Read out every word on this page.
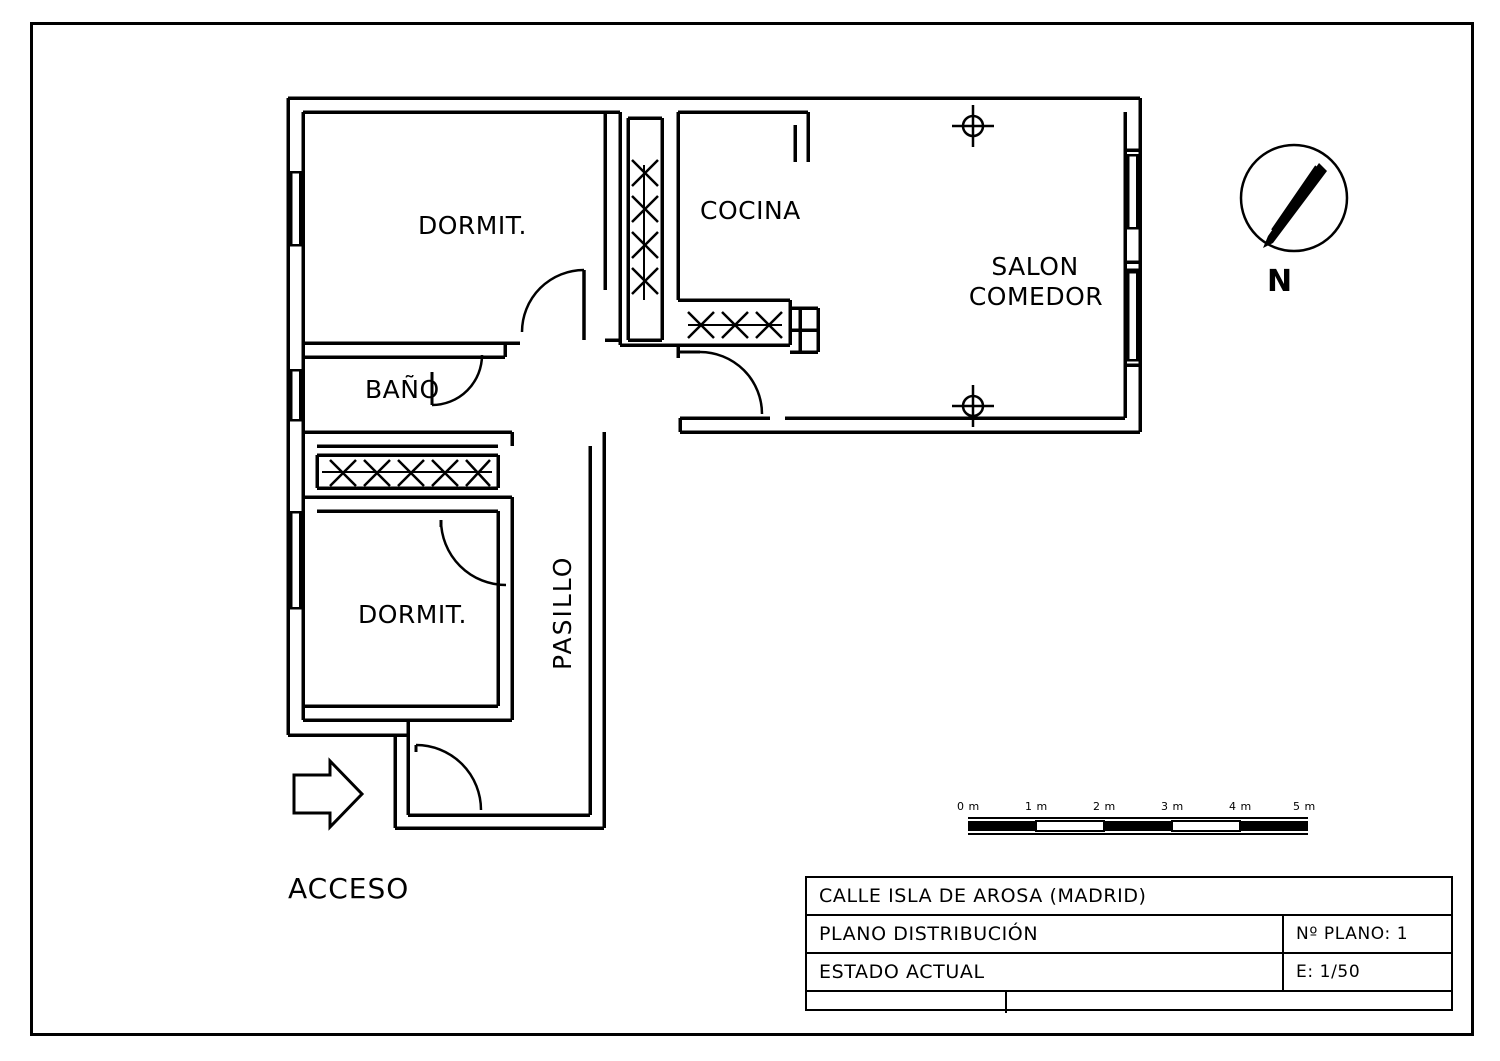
DORMIT.
COCINA
SALON
COMEDOR
BAÑO
DORMIT.	PASILLO
ACCESO
N
0 m	1 m	2 m	3 m	4 m	5 m
CALLE ISLA DE AROSA (MADRID)
PLANO DISTRIBUCIÓN	Nº PLANO: 1
ESTADO ACTUAL	E: 1/50
